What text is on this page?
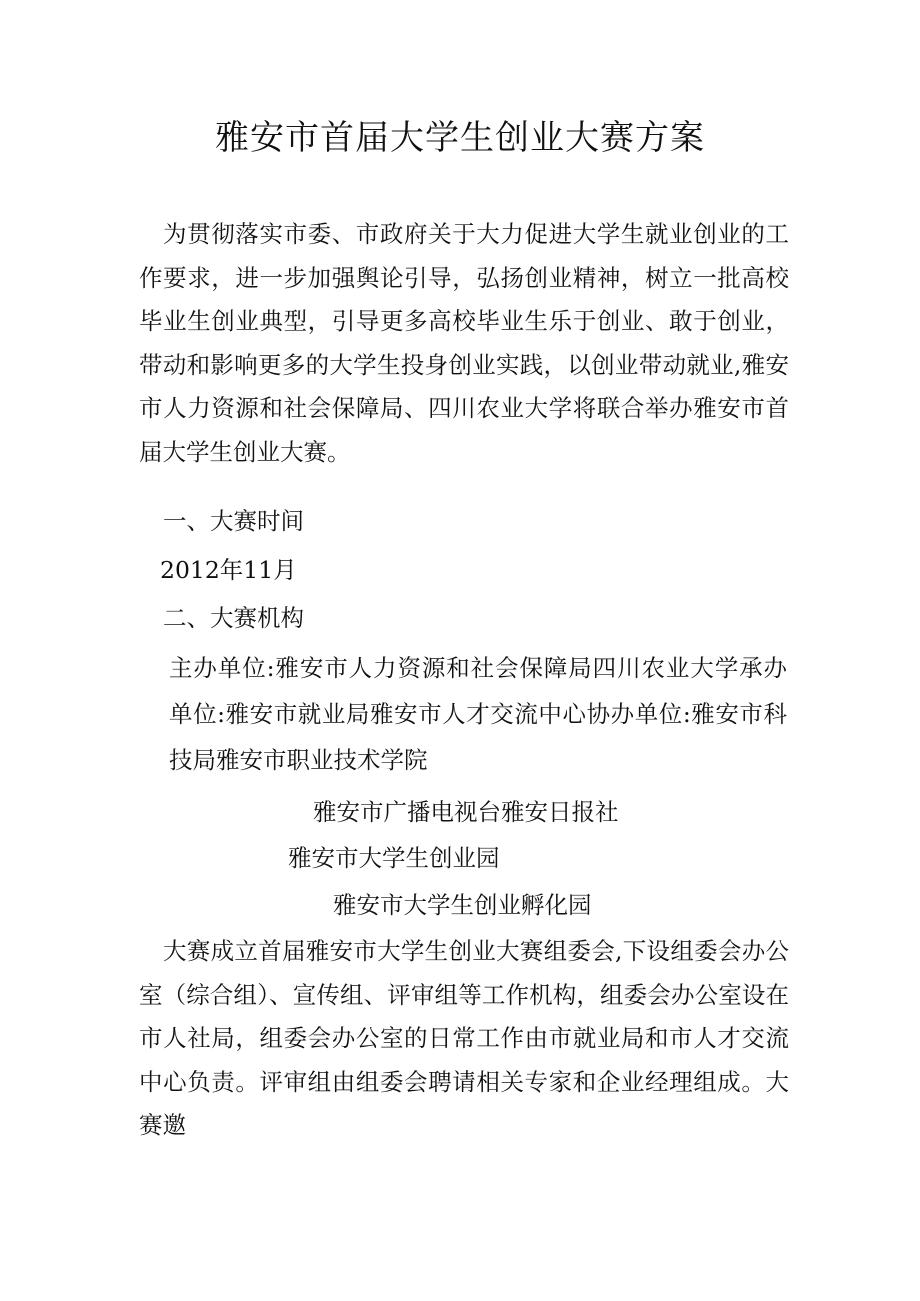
雅安市首届大学生创业大赛方案

为贯彻落实市委、市政府关于大力促进大学生就业创业的工作要求，进一步加强舆论引导，弘扬创业精神，树立一批高校毕业生创业典型，引导更多高校毕业生乐于创业、敢于创业，带动和影响更多的大学生投身创业实践，以创业带动就业,雅安市人力资源和社会保障局、四川农业大学将联合举办雅安市首届大学生创业大赛。

一、大赛时间

2012年11月

二、大赛机构

主办单位:雅安市人力资源和社会保障局四川农业大学承办单位:雅安市就业局雅安市人才交流中心协办单位:雅安市科技局雅安市职业技术学院

雅安市广播电视台雅安日报社

雅安市大学生创业园

雅安市大学生创业孵化园

大赛成立首届雅安市大学生创业大赛组委会,下设组委会办公室（综合组）、宣传组、评审组等工作机构，组委会办公室设在市人社局，组委会办公室的日常工作由市就业局和市人才交流中心负责。评审组由组委会聘请相关专家和企业经理组成。大赛邀
